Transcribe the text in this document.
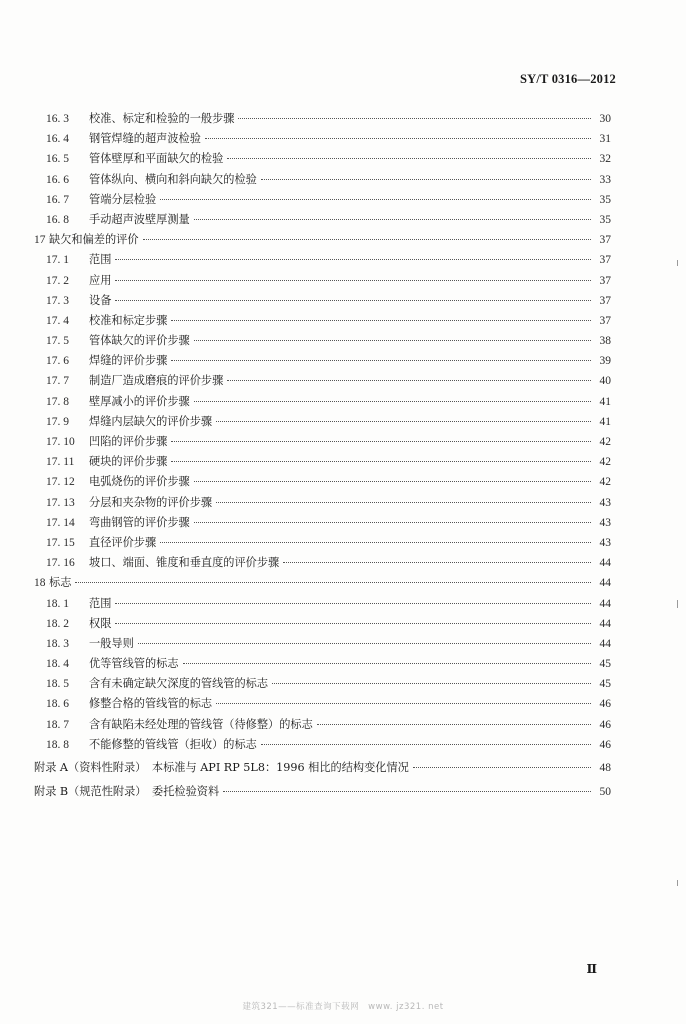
SY/T 0316—2012
16. 3	校准、标定和检验的一般步骤	30
16. 4	钢管焊缝的超声波检验	31
16. 5	管体壁厚和平面缺欠的检验	32
16. 6	管体纵向、横向和斜向缺欠的检验	33
16. 7	管端分层检验	35
16. 8	手动超声波壁厚测量	35
17 缺欠和偏差的评价	37
17. 1	范围	37
17. 2	应用	37
17. 3	设备	37
17. 4	校准和标定步骤	37
17. 5	管体缺欠的评价步骤	38
17. 6	焊缝的评价步骤	39
17. 7	制造厂造成磨痕的评价步骤	40
17. 8	壁厚减小的评价步骤	41
17. 9	焊缝内层缺欠的评价步骤	41
17. 10	凹陷的评价步骤	42
17. 11	硬块的评价步骤	42
17. 12	电弧烧伤的评价步骤	42
17. 13	分层和夹杂物的评价步骤	43
17. 14	弯曲钢管的评价步骤	43
17. 15	直径评价步骤	43
17. 16	坡口、端面、锥度和垂直度的评价步骤	44
18 标志	44
18. 1	范围	44
18. 2	权限	44
18. 3	一般导则	44
18. 4	优等管线管的标志	45
18. 5	含有未确定缺欠深度的管线管的标志	45
18. 6	修整合格的管线管的标志	46
18. 7	含有缺陷未经处理的管线管（待修整）的标志	46
18. 8	不能修整的管线管（拒收）的标志	46
附录 A（资料性附录）　本标准与 API RP 5L8：1996 相比的结构变化情况	48
附录 B（规范性附录）　委托检验资料	50
Ⅱ
建筑321——标准查询下载网　www. jz321. net
